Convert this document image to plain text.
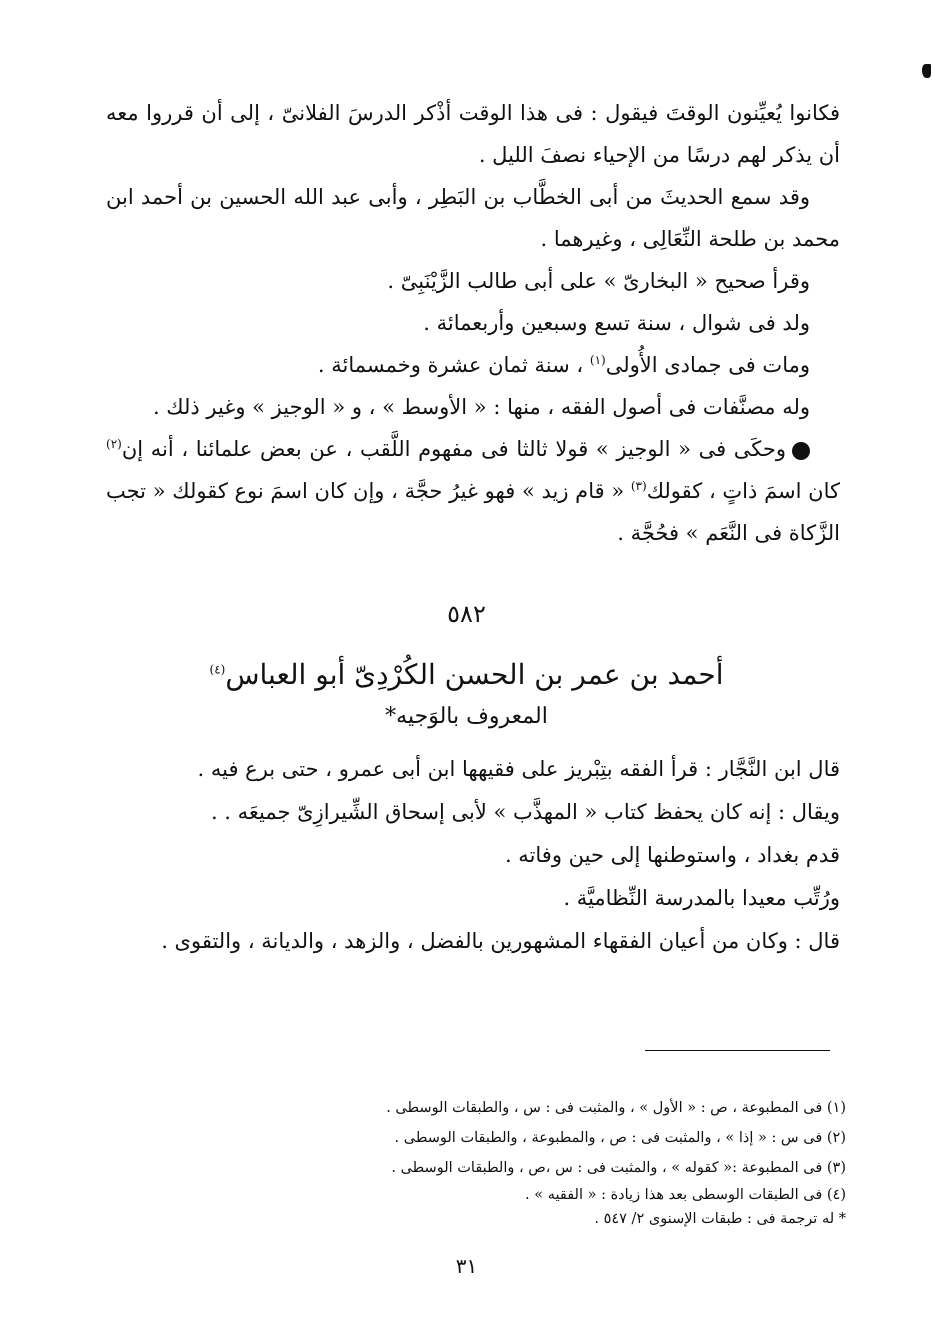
فكانوا يُعيِّنون الوقتَ فيقول : فى هذا الوقت أذْكر الدرسَ الفلانىّ ، إلى أن قرروا معه أن يذكر لهم درسًا من الإحياء نصفَ الليل .

وقد سمع الحديثَ من أبى الخطَّاب بن البَطِر ، وأبى عبد الله الحسين بن أحمد ابن محمد بن طلحة النِّعَالِى ، وغيرهما .

وقرأ صحيح « البخارىّ » على أبى طالب الزَّيْنَبِىّ .

ولد فى شوال ، سنة تسع وسبعين وأربعمائة .

ومات فى جمادى الأُولى$^{(١)}$ ، سنة ثمان عشرة وخمسمائة .

وله مصنَّفات فى أصول الفقه ، منها : « الأوسط » ، و « الوجيز » وغير ذلك .

وحكَى فى « الوجيز » قولا ثالثا فى مفهوم اللَّقب ، عن بعض علمائنا ، أنه إن$^{(٢)}$ كان اسمَ ذاتٍ ، كقولك$^{(٣)}$ « قام زيد » فهو غيرُ حجَّة ، وإن كان اسمَ نوع كقولك « تجب الزَّكاة فى النَّعَم » فحُجَّة .

٥٨٢
أحمد بن عمر بن الحسن الكُرْدِىّ أبو العباس$^{(٤)}$
المعروف بالوَجيه*

قال ابن النَّجَّار : قرأ الفقه بتِبْريز على فقيهها ابن أبى عمرو ، حتى برع فيه .

ويقال : إنه كان يحفظ كتاب « المهذَّب » لأبى إسحاق الشِّيرازِىّ جميعَه . .

قدم بغداد ، واستوطنها إلى حين وفاته .

ورُتِّب معيدا بالمدرسة النِّظاميَّة .

قال : وكان من أعيان الفقهاء المشهورين بالفضل ، والزهد ، والديانة ، والتقوى .

(١) فى المطبوعة ، ص : « الأول » ، والمثبت فى : س ، والطبقات الوسطى .
(٢) فى س : « إذا » ، والمثبت فى : ص ، والمطبوعة ، والطبقات الوسطى .
(٣) فى المطبوعة :« كقوله » ، والمثبت فى : س ،ص ، والطبقات الوسطى .
(٤) فى الطبقات الوسطى بعد هذا زيادة : « الفقيه » .
* له ترجمة فى : طبقات الإسنوى ٢/ ٥٤٧ .
٣١
